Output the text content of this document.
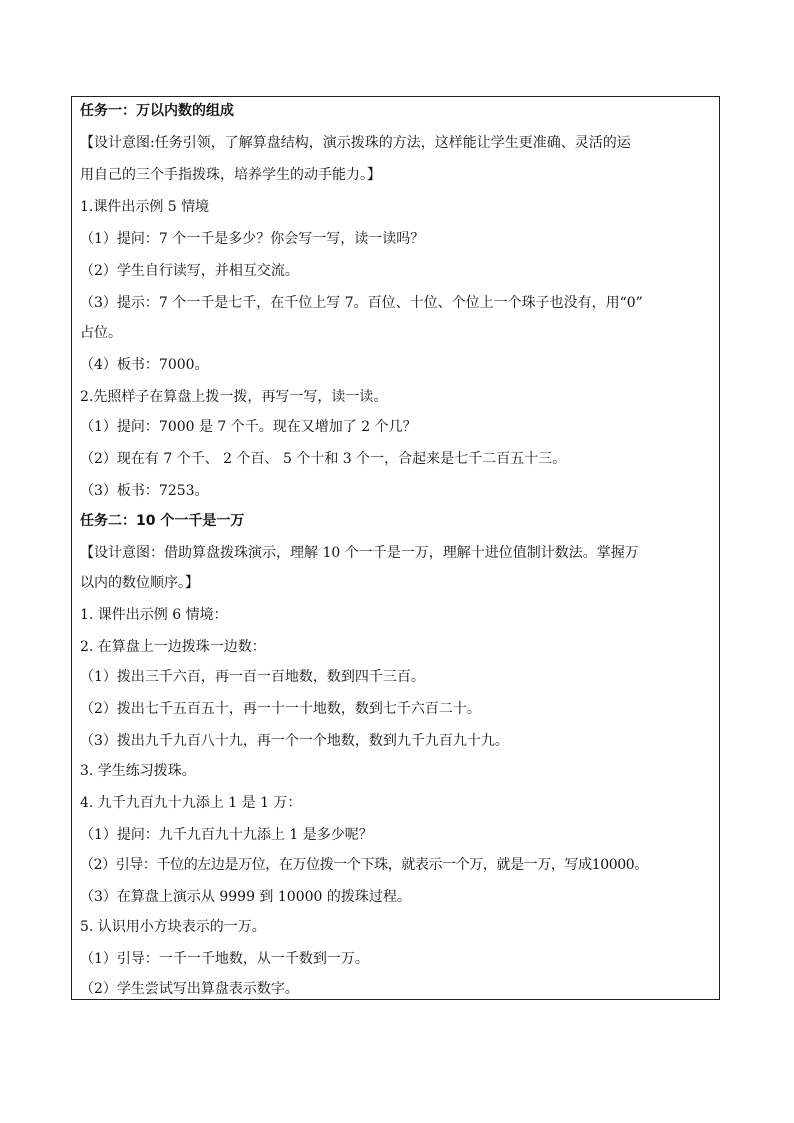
任务一：万以内数的组成
【设计意图:任务引领，了解算盘结构，演示拨珠的方法，这样能让学生更准确、灵活的运
用自己的三个手指拨珠，培养学生的动手能力。】
1.课件出示例 5 情境
（1）提问：7 个一千是多少？你会写一写，读一读吗？
（2）学生自行读写，并相互交流。
（3）提示：7 个一千是七千，在千位上写 7。百位、十位、个位上一个珠子也没有，用“0”
占位。
（4）板书：7000。
2.先照样子在算盘上拨一拨，再写一写，读一读。
（1）提问：7000 是 7 个千。现在又增加了 2 个几？
（2）现在有 7 个千、 2 个百、 5 个十和 3 个一，合起来是七千二百五十三。
（3）板书：7253。
任务二：10 个一千是一万
【设计意图：借助算盘拨珠演示，理解 10 个一千是一万，理解十进位值制计数法。掌握万
以内的数位顺序。】
1. 课件出示例 6 情境：
2. 在算盘上一边拨珠一边数：
（1）拨出三千六百，再一百一百地数，数到四千三百。
（2）拨出七千五百五十，再一十一十地数，数到七千六百二十。
（3）拨出九千九百八十九，再一个一个地数，数到九千九百九十九。
3. 学生练习拨珠。
4. 九千九百九十九添上 1 是 1 万：
（1）提问：九千九百九十九添上 1 是多少呢？
（2）引导：千位的左边是万位，在万位拨一个下珠，就表示一个万，就是一万，写成10000。
（3）在算盘上演示从 9999 到 10000 的拨珠过程。
5. 认识用小方块表示的一万。
（1）引导：一千一千地数，从一千数到一万。
（2）学生尝试写出算盘表示数字。
